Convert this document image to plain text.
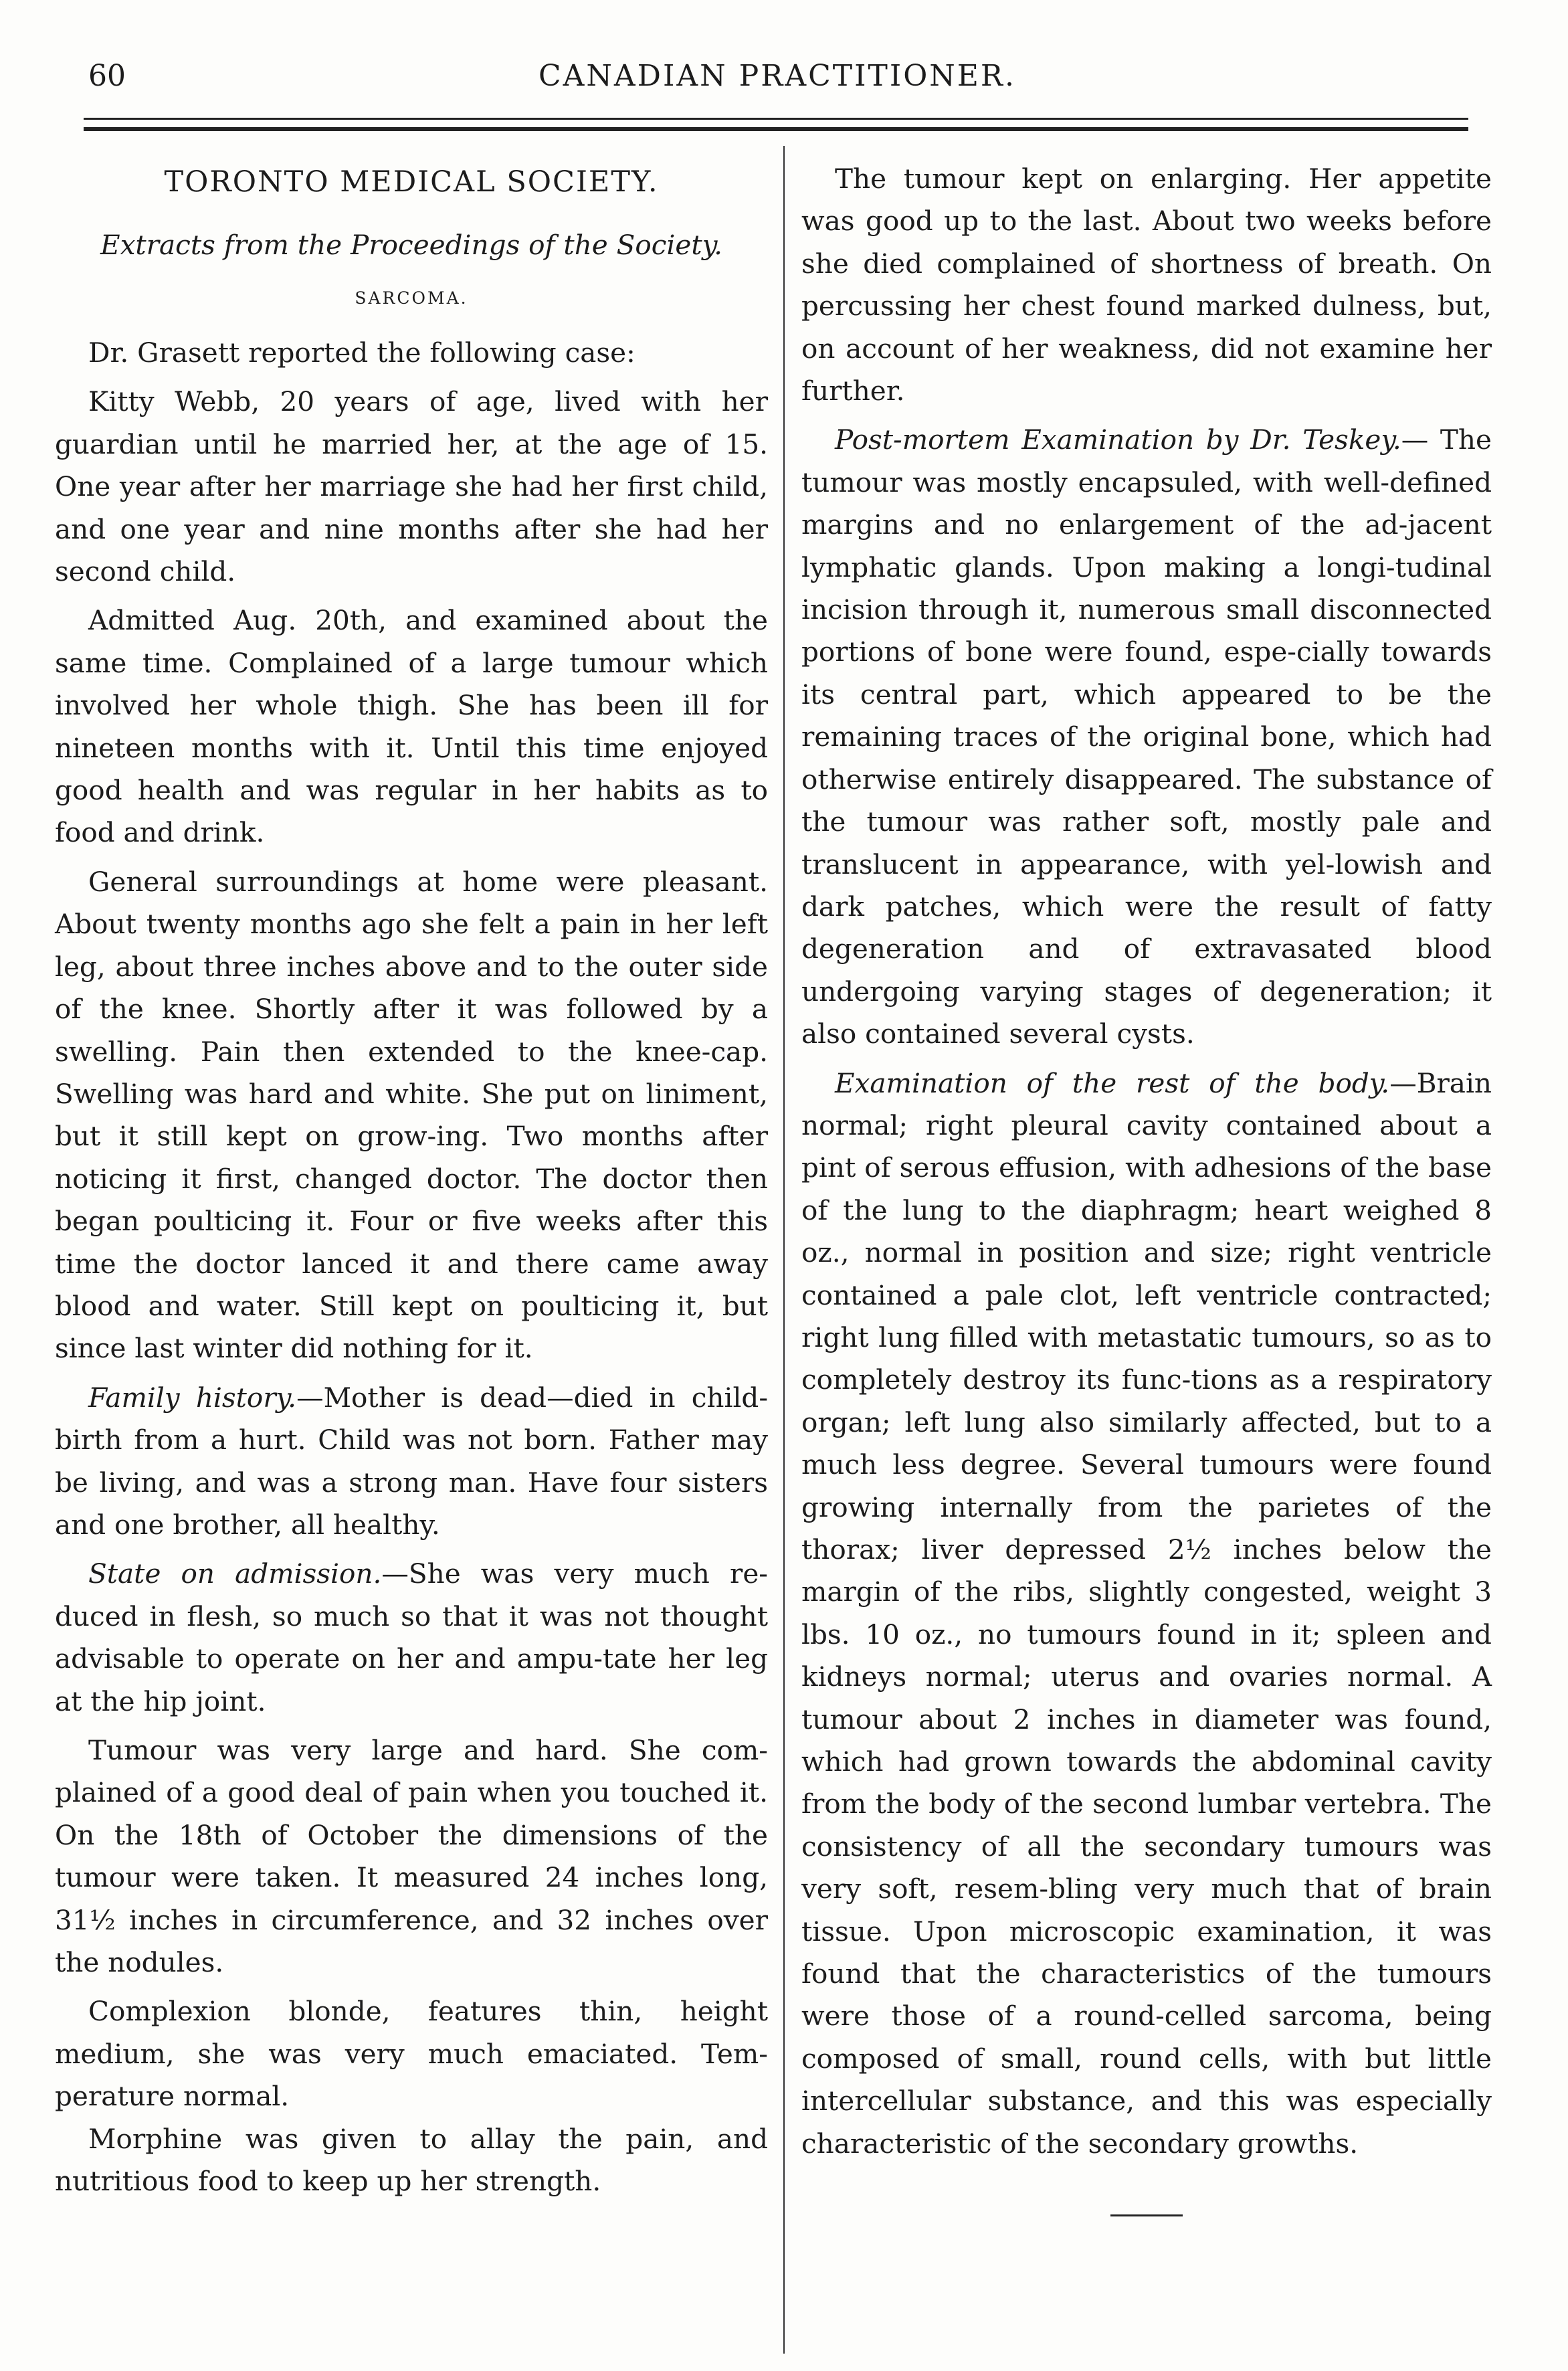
60	CANADIAN PRACTITIONER.
TORONTO MEDICAL SOCIETY.
Extracts from the Proceedings of the Society.
SARCOMA.

Dr. Grasett reported the following case:

Kitty Webb, 20 years of age, lived with her guardian until he married her, at the age of 15. One year after her marriage she had her first child, and one year and nine months after she had her second child.

Admitted Aug. 20th, and examined about the same time. Complained of a large tumour which involved her whole thigh. She has been ill for nineteen months with it. Until this time enjoyed good health and was regular in her habits as to food and drink.

General surroundings at home were pleasant. About twenty months ago she felt a pain in her left leg, about three inches above and to the outer side of the knee. Shortly after it was followed by a swelling. Pain then extended to the knee-cap. Swelling was hard and white. She put on liniment, but it still kept on grow-ing. Two months after noticing it first, changed doctor. The doctor then began poulticing it. Four or five weeks after this time the doctor lanced it and there came away blood and water. Still kept on poulticing it, but since last winter did nothing for it.

Family history.—Mother is dead—died in child-birth from a hurt. Child was not born. Father may be living, and was a strong man. Have four sisters and one brother, all healthy.

State on admission.—She was very much re-duced in flesh, so much so that it was not thought advisable to operate on her and ampu-tate her leg at the hip joint.

Tumour was very large and hard. She com-plained of a good deal of pain when you touched it. On the 18th of October the dimensions of the tumour were taken. It measured 24 inches long, 31½ inches in circumference, and 32 inches over the nodules.

Complexion blonde, features thin, height medium, she was very much emaciated. Tem-perature normal.

Morphine was given to allay the pain, and nutritious food to keep up her strength.

The tumour kept on enlarging. Her appetite was good up to the last. About two weeks before she died complained of shortness of breath. On percussing her chest found marked dulness, but, on account of her weakness, did not examine her further.

Post-mortem Examination by Dr. Teskey.— The tumour was mostly encapsuled, with well-defined margins and no enlargement of the ad-jacent lymphatic glands. Upon making a longi-tudinal incision through it, numerous small disconnected portions of bone were found, espe-cially towards its central part, which appeared to be the remaining traces of the original bone, which had otherwise entirely disappeared. The substance of the tumour was rather soft, mostly pale and translucent in appearance, with yel-lowish and dark patches, which were the result of fatty degeneration and of extravasated blood undergoing varying stages of degeneration; it also contained several cysts.

Examination of the rest of the body.—Brain normal; right pleural cavity contained about a pint of serous effusion, with adhesions of the base of the lung to the diaphragm; heart weighed 8 oz., normal in position and size; right ventricle contained a pale clot, left ventricle contracted; right lung filled with metastatic tumours, so as to completely destroy its func-tions as a respiratory organ; left lung also similarly affected, but to a much less degree. Several tumours were found growing internally from the parietes of the thorax; liver depressed 2½ inches below the margin of the ribs, slightly congested, weight 3 lbs. 10 oz., no tumours found in it; spleen and kidneys normal; uterus and ovaries normal. A tumour about 2 inches in diameter was found, which had grown towards the abdominal cavity from the body of the second lumbar vertebra. The consistency of all the secondary tumours was very soft, resem-bling very much that of brain tissue. Upon microscopic examination, it was found that the characteristics of the tumours were those of a round-celled sarcoma, being composed of small, round cells, with but little intercellular substance, and this was especially characteristic of the secondary growths.
